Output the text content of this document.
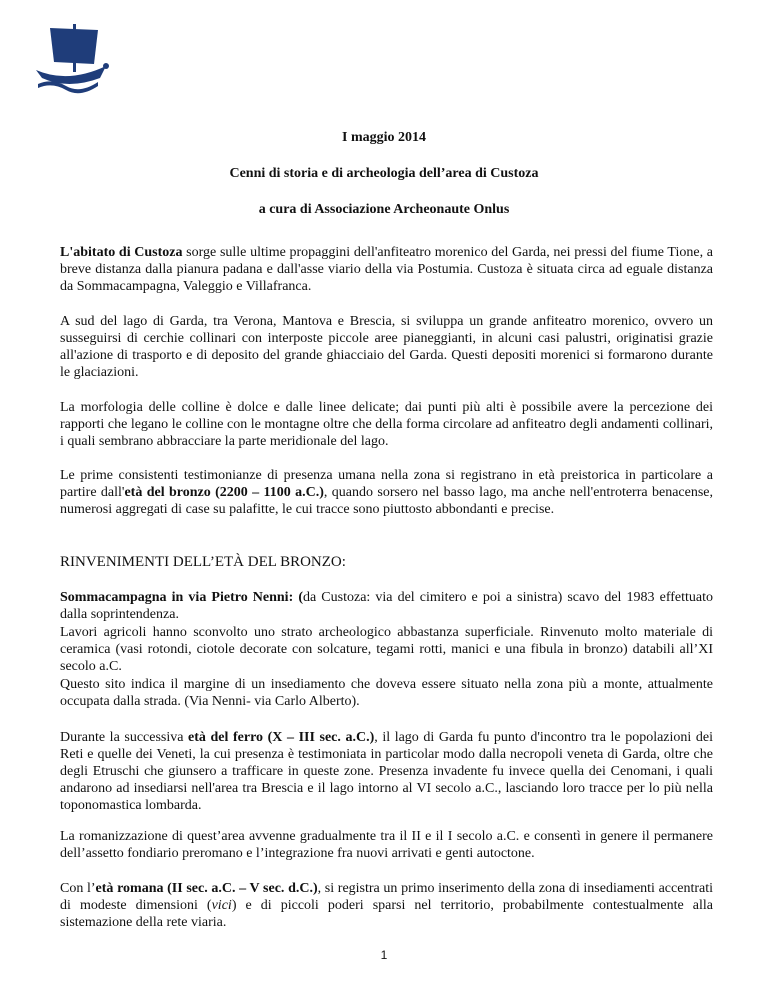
I maggio 2014
Cenni di storia e di archeologia dell’area di Custoza
a cura di Associazione Archeonaute Onlus

L'abitato di Custoza sorge sulle ultime propaggini dell'anfiteatro morenico del Garda, nei pressi del fiume Tione, a breve distanza dalla pianura padana e dall'asse viario della via Postumia. Custoza è situata circa ad eguale distanza da Sommacampagna, Valeggio e Villafranca.

A sud del lago di Garda, tra Verona, Mantova e Brescia, si sviluppa un grande anfiteatro morenico, ovvero un susseguirsi di cerchie collinari con interposte piccole aree pianeggianti, in alcuni casi palustri, originatisi grazie all'azione di trasporto e di deposito del grande ghiacciaio del Garda. Questi depositi morenici si formarono durante le glaciazioni.

La morfologia delle colline è dolce e dalle linee delicate; dai punti più alti è possibile avere la percezione dei rapporti che legano le colline con le montagne oltre che della forma circolare ad anfiteatro degli andamenti collinari, i quali sembrano abbracciare la parte meridionale del lago.

Le prime consistenti testimonianze di presenza umana nella zona si registrano in età preistorica in particolare a partire dall'età del bronzo (2200 – 1100 a.C.), quando sorsero nel basso lago, ma anche nell'entroterra benacense, numerosi aggregati di case su palafitte, le cui tracce sono piuttosto abbondanti e precise.

RINVENIMENTI DELL’ETÀ DEL BRONZO:

Sommacampagna in via Pietro Nenni: (da Custoza: via del cimitero e poi a sinistra) scavo del 1983 effettuato dalla soprintendenza.

Lavori agricoli hanno sconvolto uno strato archeologico abbastanza superficiale. Rinvenuto molto materiale di ceramica (vasi rotondi, ciotole decorate con solcature, tegami rotti, manici e una fibula in bronzo) databili all’XI secolo a.C.

Questo sito indica il margine di un insediamento che doveva essere situato nella zona più a monte, attualmente occupata dalla strada. (Via Nenni- via Carlo Alberto).

Durante la successiva età del ferro (X – III sec. a.C.), il lago di Garda fu punto d'incontro tra le popolazioni dei Reti e quelle dei Veneti, la cui presenza è testimoniata in particolar modo dalla necropoli veneta di Garda, oltre che degli Etruschi che giunsero a trafficare in queste zone. Presenza invadente fu invece quella dei Cenomani, i quali andarono ad insediarsi nell'area tra Brescia e il lago intorno al VI secolo a.C., lasciando loro tracce per lo più nella toponomastica lombarda.

La romanizzazione di quest’area avvenne gradualmente tra il II e il I secolo a.C. e consentì in genere il permanere dell’assetto fondiario preromano e l’integrazione fra nuovi arrivati e genti autoctone.

Con l’età romana (II sec. a.C. – V sec. d.C.), si registra un primo inserimento della zona di insediamenti accentrati di modeste dimensioni (vici) e di piccoli poderi sparsi nel territorio, probabilmente contestualmente alla sistemazione della rete viaria.

1
